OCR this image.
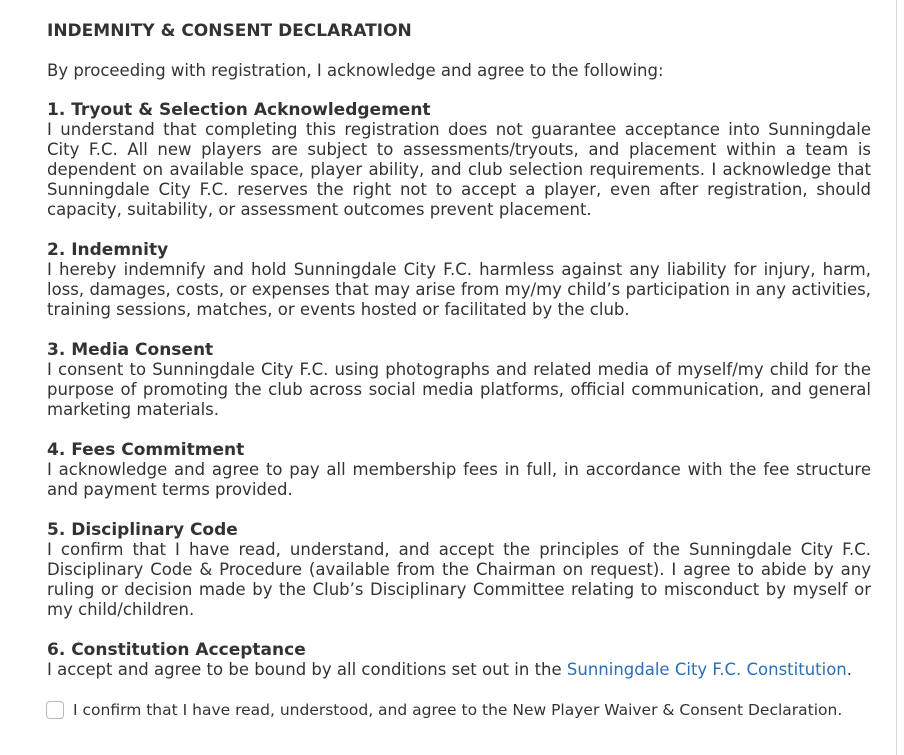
INDEMNITY & CONSENT DECLARATION
By proceeding with registration, I acknowledge and agree to the following:
1. Tryout & Selection Acknowledgement
I understand that completing this registration does not guarantee acceptance into Sunningdale City F.C. All new players are subject to assessments/tryouts, and placement within a team is dependent on available space, player ability, and club selection requirements. I acknowledge that Sunningdale City F.C. reserves the right not to accept a player, even after registration, should capacity, suitability, or assessment outcomes prevent placement.
2. Indemnity
I hereby indemnify and hold Sunningdale City F.C. harmless against any liability for injury, harm, loss, damages, costs, or expenses that may arise from my/my child’s participation in any activities, training sessions, matches, or events hosted or facilitated by the club.
3. Media Consent
I consent to Sunningdale City F.C. using photographs and related media of myself/my child for the purpose of promoting the club across social media platforms, official communication, and general marketing materials.
4. Fees Commitment
I acknowledge and agree to pay all membership fees in full, in accordance with the fee structure and payment terms provided.
5. Disciplinary Code
I confirm that I have read, understand, and accept the principles of the Sunningdale City F.C. Disciplinary Code & Procedure (available from the Chairman on request). I agree to abide by any ruling or decision made by the Club’s Disciplinary Committee relating to misconduct by myself or my child/children.
6. Constitution Acceptance
I accept and agree to be bound by all conditions set out in the Sunningdale City F.C. Constitution.
I confirm that I have read, understood, and agree to the New Player Waiver & Consent Declaration.
